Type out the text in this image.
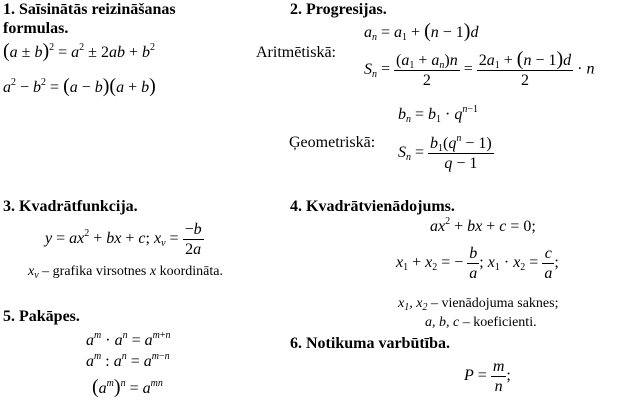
1. Saīsinātās reizināšanas
formulas.
$(a \pm b)^2 = a^2 \pm 2ab + b^2$
$a^2 - b^2 = (a - b)(a + b)$
2. Progresijas.
$a_n = a_1 + (n - 1)d$
Aritmētiskā:
$S_n = \frac{(a_1 + a_n)n}{2} = \frac{2a_1 + (n - 1)d}{2} \cdot n$
$b_n = b_1 \cdot q^{n-1}$
Ģeometriskā:
$S_n = \frac{b_1(q^n - 1)}{q - 1}$
3. Kvadrātfunkcija.
$y = ax^2$ + bx + c; $x_v = \frac{-b}{2a}$
$x_v$ – grafika virsotnes x koordināta.
4. Kvadrātvienādojums.
$ax^2$ + bx + c = 0;
$x_1 + x_2$ = − $\frac{b}{a}$ ; $x_1 \cdot x_2 = \frac{c}{a}$ ;
$x_1$, $x_2$ – vienādojuma saknes;
a, b, c – koeficienti.
5. Pakāpes.
$a^m \cdot a^n = a^{m+n}$
$a^m$ : $a^n = a^{m-n}$
$(a^m)^n = a^{mn}$
6. Notikuma varbūtība.
$P = \frac{m}{n}$ ;
